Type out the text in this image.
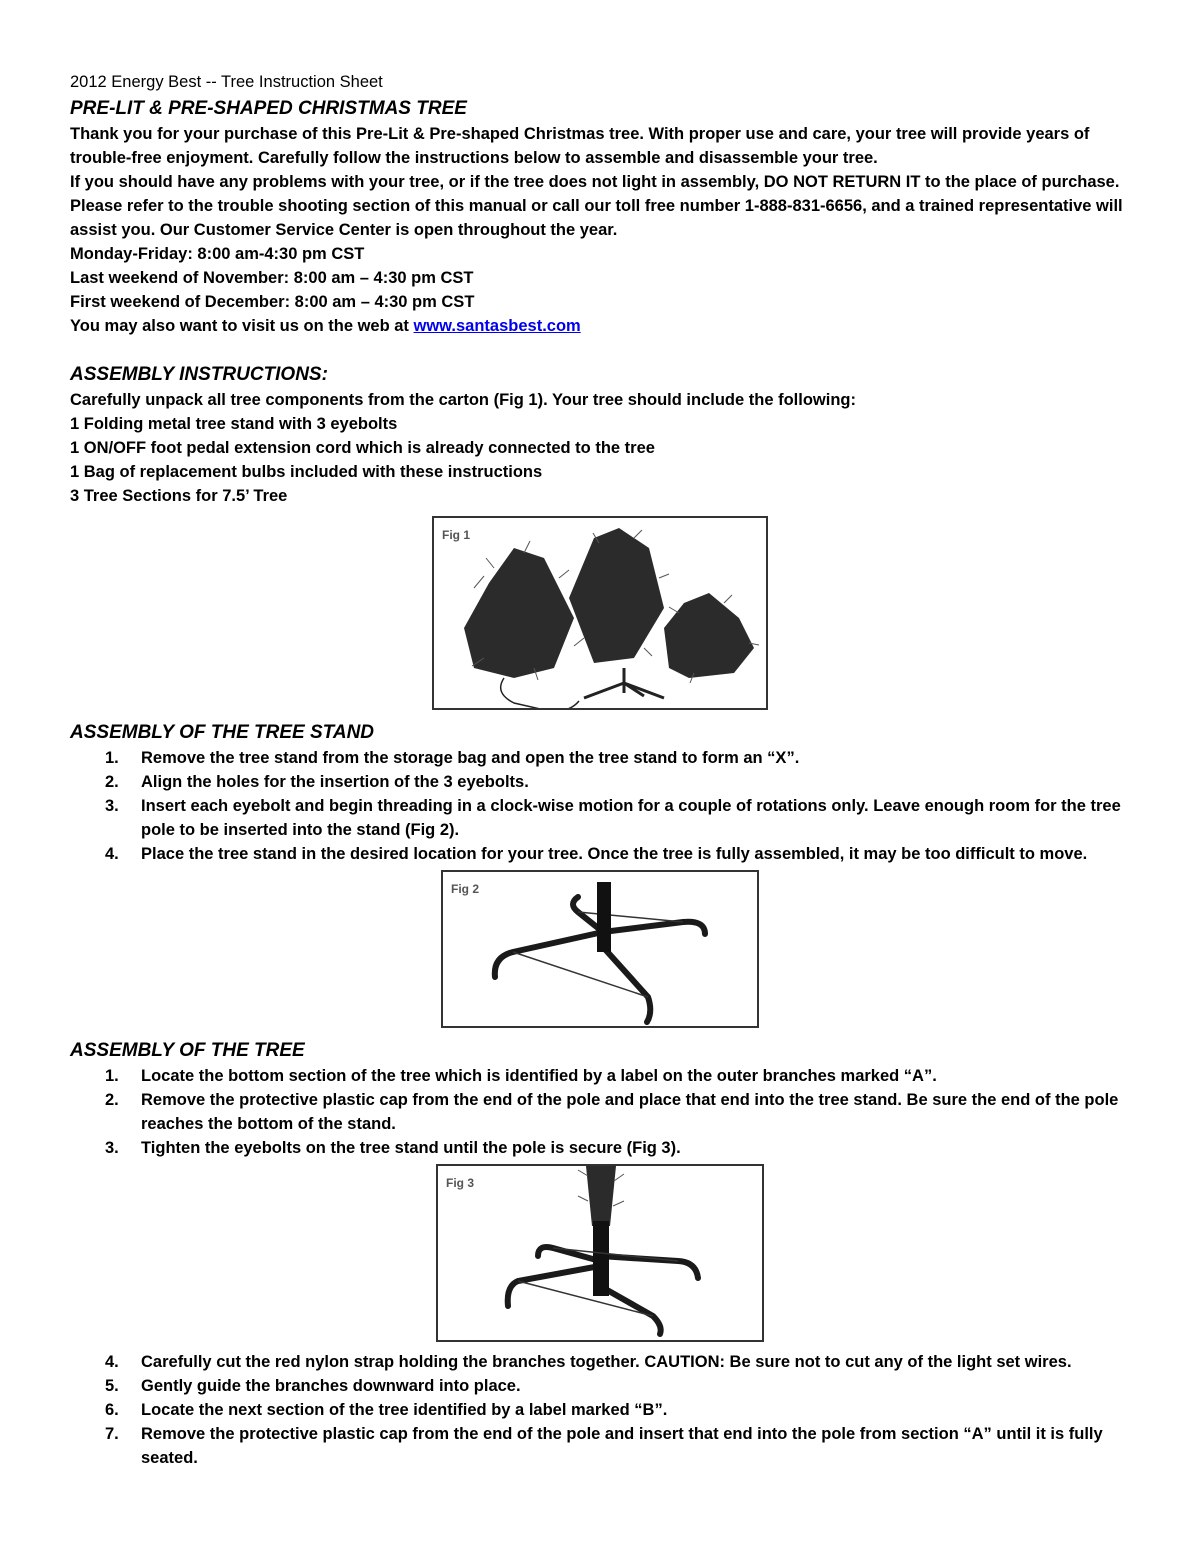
2012 Energy Best -- Tree Instruction Sheet

PRE-LIT & PRE-SHAPED CHRISTMAS TREE

Thank you for your purchase of this Pre-Lit & Pre-shaped Christmas tree. With proper use and care, your tree will provide years of trouble-free enjoyment. Carefully follow the instructions below to assemble and disassemble your tree.

If you should have any problems with your tree, or if the tree does not light in assembly, DO NOT RETURN IT to the place of purchase. Please refer to the trouble shooting section of this manual or call our toll free number 1-888-831-6656, and a trained representative will assist you. Our Customer Service Center is open throughout the year.

Monday-Friday: 8:00 am-4:30 pm CST

Last weekend of November: 8:00 am – 4:30 pm CST

First weekend of December: 8:00 am – 4:30 pm CST

You may also want to visit us on the web at www.santasbest.com

ASSEMBLY INSTRUCTIONS:

Carefully unpack all tree components from the carton (Fig 1). Your tree should include the following:

1 Folding metal tree stand with 3 eyebolts

1 ON/OFF foot pedal extension cord which is already connected to the tree

1 Bag of replacement bulbs included with these instructions

3 Tree Sections for 7.5’ Tree

Fig 1

ASSEMBLY OF THE TREE STAND

1. Remove the tree stand from the storage bag and open the tree stand to form an “X”.
2. Align the holes for the insertion of the 3 eyebolts.
3. Insert each eyebolt and begin threading in a clock-wise motion for a couple of rotations only. Leave enough room for the tree pole to be inserted into the stand (Fig 2).
4. Place the tree stand in the desired location for your tree. Once the tree is fully assembled, it may be too difficult to move.
Fig 2

ASSEMBLY OF THE TREE

1. Locate the bottom section of the tree which is identified by a label on the outer branches marked “A”.
2. Remove the protective plastic cap from the end of the pole and place that end into the tree stand. Be sure the end of the pole reaches the bottom of the stand.
3. Tighten the eyebolts on the tree stand until the pole is secure (Fig 3).
Fig 3
4. Carefully cut the red nylon strap holding the branches together. CAUTION: Be sure not to cut any of the light set wires.
5. Gently guide the branches downward into place.
6. Locate the next section of the tree identified by a label marked “B”.
7. Remove the protective plastic cap from the end of the pole and insert that end into the pole from section “A” until it is fully seated.
